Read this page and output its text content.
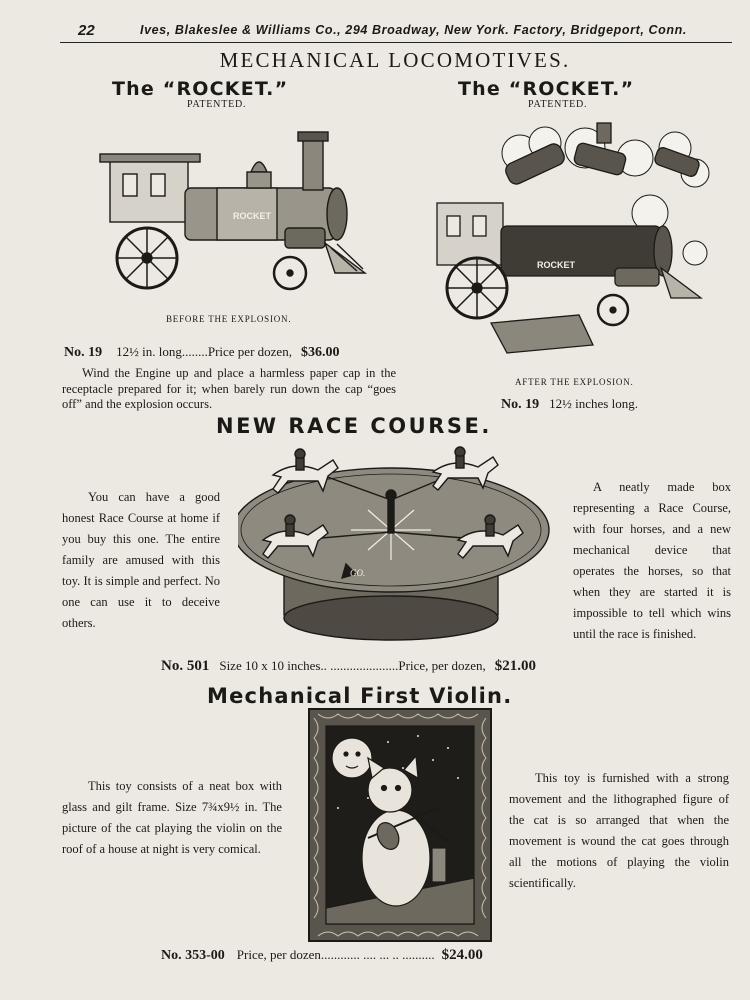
22	Ives, Blakeslee & Williams Co., 294 Broadway, New York. Factory, Bridgeport, Conn.
MECHANICAL LOCOMOTIVES.
The “ROCKET.”
PATENTED.
The “ROCKET.”
PATENTED.
ROCKET
ROCKET
BEFORE THE EXPLOSION.
No. 19 12½ in. long........Price per dozen, $36.00
Wind the Engine up and place a harmless paper cap in the receptacle prepared for it; when barely run down the cap “goes off” and the explosion occurs.
AFTER THE EXPLOSION.
No. 19 12½ inches long.
NEW RACE COURSE.
You can have a good honest Race Course at home if you buy this one. The entire family are amused with this toy. It is simple and perfect. No one can use it to deceive others.
GO.
A neatly made box representing a Race Course, with four horses, and a new mechanical device that operates the horses, so that when they are started it is impossible to tell which wins until the race is finished.
No. 501 Size 10 x 10 inches.. .....................Price, per dozen, $21.00
Mechanical First Violin.
This toy consists of a neat box with glass and gilt frame. Size 7¾x9½ in. The picture of the cat playing the violin on the roof of a house at night is very comical.
This toy is furnished with a strong movement and the lithographed figure of the cat is so arranged that when the movement is wound the cat goes through all the motions of playing the violin scientifically.
No. 353-00 Price, per dozen............ .... ... .. .......... $24.00
